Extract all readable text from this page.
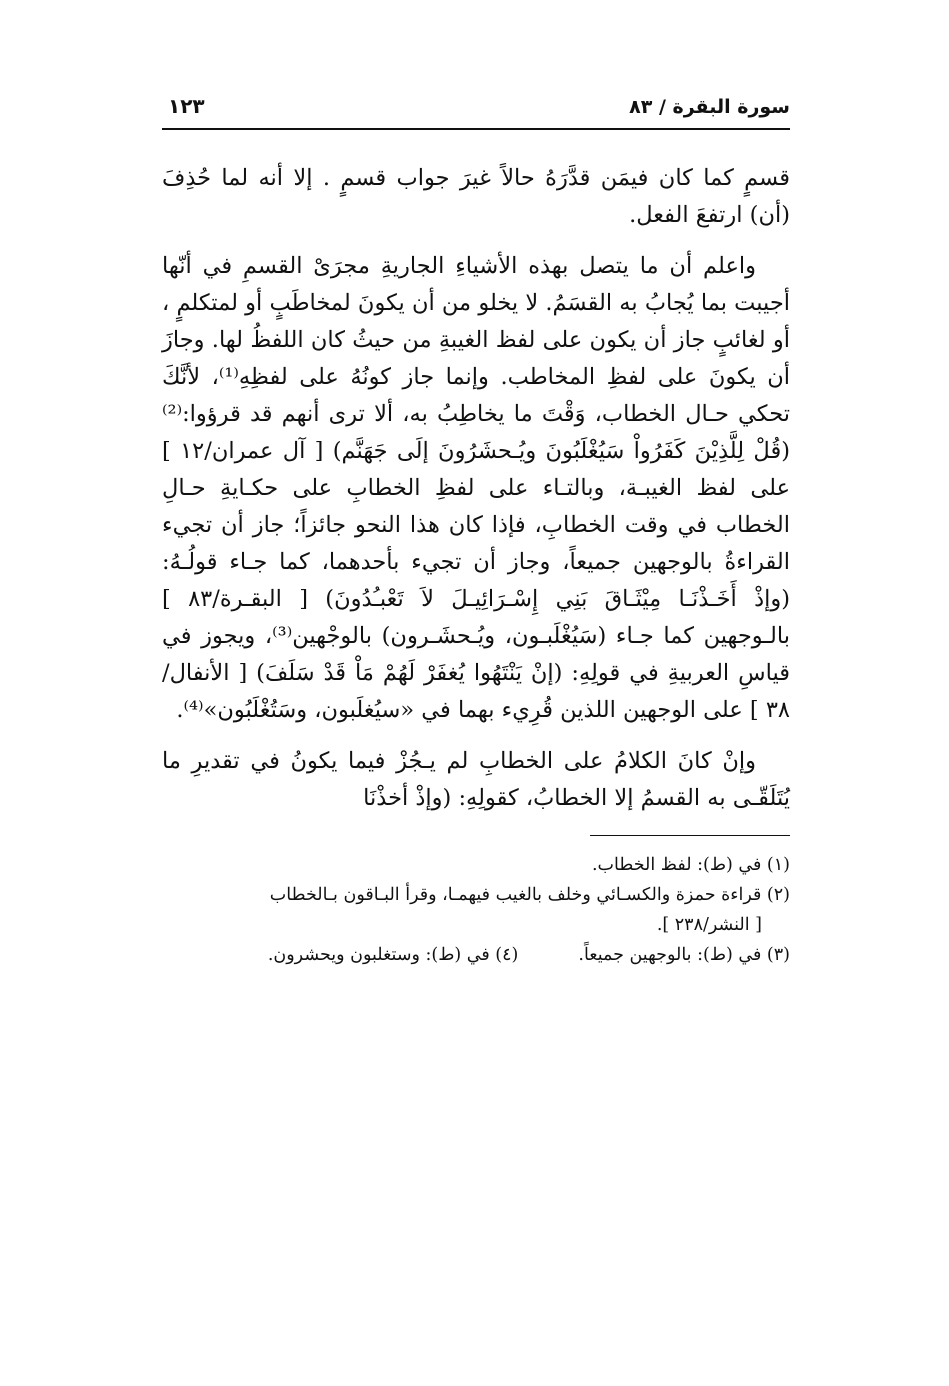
سورة البقرة / ٨٣
١٢٣

قسمٍ كما كان فيمَن قدَّرَهُ حالاً غيرَ جواب قسمٍ . إلا أنه لما حُذِفَ (أن) ارتفعَ الفعل.

واعلم أن ما يتصل بهذه الأشياءِ الجاريةِ مجرَىْ القسمِ في أنّها أجيبت بما يُجابُ به القسَمُ. لا يخلو من أن يكونَ لمخاطَبٍ أو لمتكلمٍ ، أو لغائبٍ جاز أن يكون على لفظ الغيبةِ من حيثُ كان اللفظُ لها. وجازَ أن يكونَ على لفظِ المخاطب. وإنما جاز كونُهُ على لفظِهِ⁽¹⁾، لأنَّكَ تحكي حـال الخطاب، وَقْتَ ما يخاطِبُ به، ألا ترى أنهم قد قرؤوا:⁽²⁾ (قُلْ لِلَّذِيْنَ كَفَرُواْ سَيُغْلَبُونَ ويُـحشَرُونَ إلَى جَهَنَّم) [ آل عمران/١٢ ] على لفظ الغيبـة، وبالتـاء على لفظِ الخطابِ على حكـايةِ حـالِ الخطاب في وقت الخطابِ، فإذا كان هذا النحو جائزاً؛ جاز أن تجيء القراءةُ بالوجهين جميعاً، وجاز أن تجيء بأحدهما، كما جـاء قولُـهُ: (وإذْ أَخَـذْنَـا مِيْثَـاقَ بَنِي إِسْـرَائِيـلَ لاَ تَعْبـُدُونَ) [ البقـرة/٨٣ ] بالـوجهين كما جـاء (سَيُغْلَبـون، ويُـحشَـرون) بالوجْهين⁽³⁾، ويجوز في قياسِ العربيةِ في قولِهِ: (إنْ يَنْتَهُوا يُغفَرْ لَهُمْ مَاْ قَدْ سَلَفَ) [ الأنفال/٣٨ ] على الوجهين اللذين قُرِيء بهما في «سيُغلَبون، وسَتُغْلَبُون»⁽⁴⁾.

وإنْ كانَ الكلامُ على الخطابِ لم يـجُزْ فيما يكونُ في تقديرِ ما يُتَلَقّـى به القسمُ إلا الخطابُ، كقولِهِ: (وإذْ أخذْنَا

(١) في (ط): لفظ الخطاب.

(٢) قراءة حمزة والكسـائي وخلف بالغيب فيهمـا، وقرأ البـاقون بـالخطاب

[ النشر/٢٣٨ ].

(٣) في (ط): بالوجهين جميعاً.
(٤) في (ط): وستغلبون ويحشرون.
